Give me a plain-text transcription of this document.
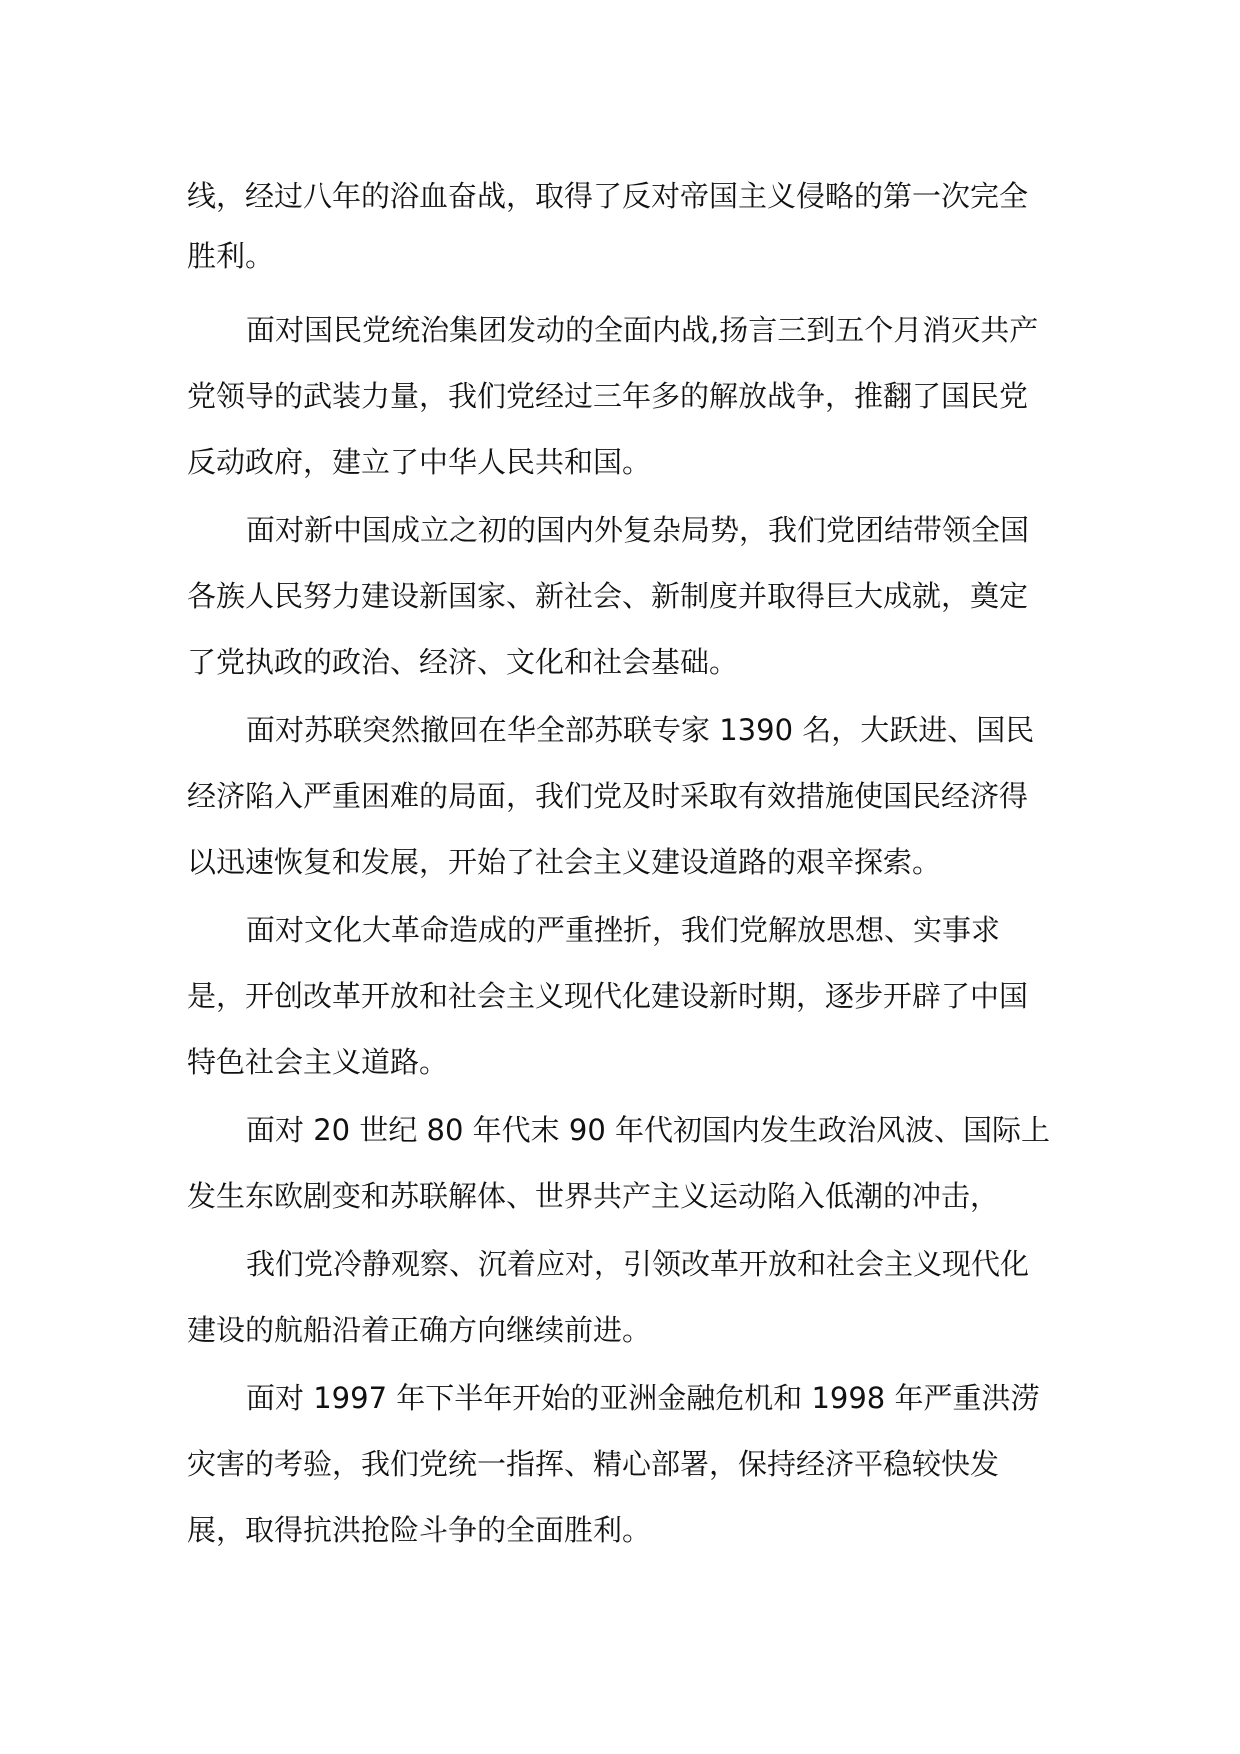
线，经过八年的浴血奋战，取得了反对帝国主义侵略的第一次完全

胜利。

面对国民党统治集团发动的全面内战,扬言三到五个月消灭共产

党领导的武装力量，我们党经过三年多的解放战争，推翻了国民党

反动政府，建立了中华人民共和国。

面对新中国成立之初的国内外复杂局势，我们党团结带领全国

各族人民努力建设新国家、新社会、新制度并取得巨大成就，奠定

了党执政的政治、经济、文化和社会基础。

面对苏联突然撤回在华全部苏联专家 1390 名，大跃进、国民

经济陷入严重困难的局面，我们党及时采取有效措施使国民经济得

以迅速恢复和发展，开始了社会主义建设道路的艰辛探索。

面对文化大革命造成的严重挫折，我们党解放思想、实事求

是，开创改革开放和社会主义现代化建设新时期，逐步开辟了中国

特色社会主义道路。

面对 20 世纪 80 年代末 90 年代初国内发生政治风波、国际上

发生东欧剧变和苏联解体、世界共产主义运动陷入低潮的冲击，

我们党冷静观察、沉着应对，引领改革开放和社会主义现代化

建设的航船沿着正确方向继续前进。

面对 1997 年下半年开始的亚洲金融危机和 1998 年严重洪涝

灾害的考验，我们党统一指挥、精心部署，保持经济平稳较快发

展，取得抗洪抢险斗争的全面胜利。
